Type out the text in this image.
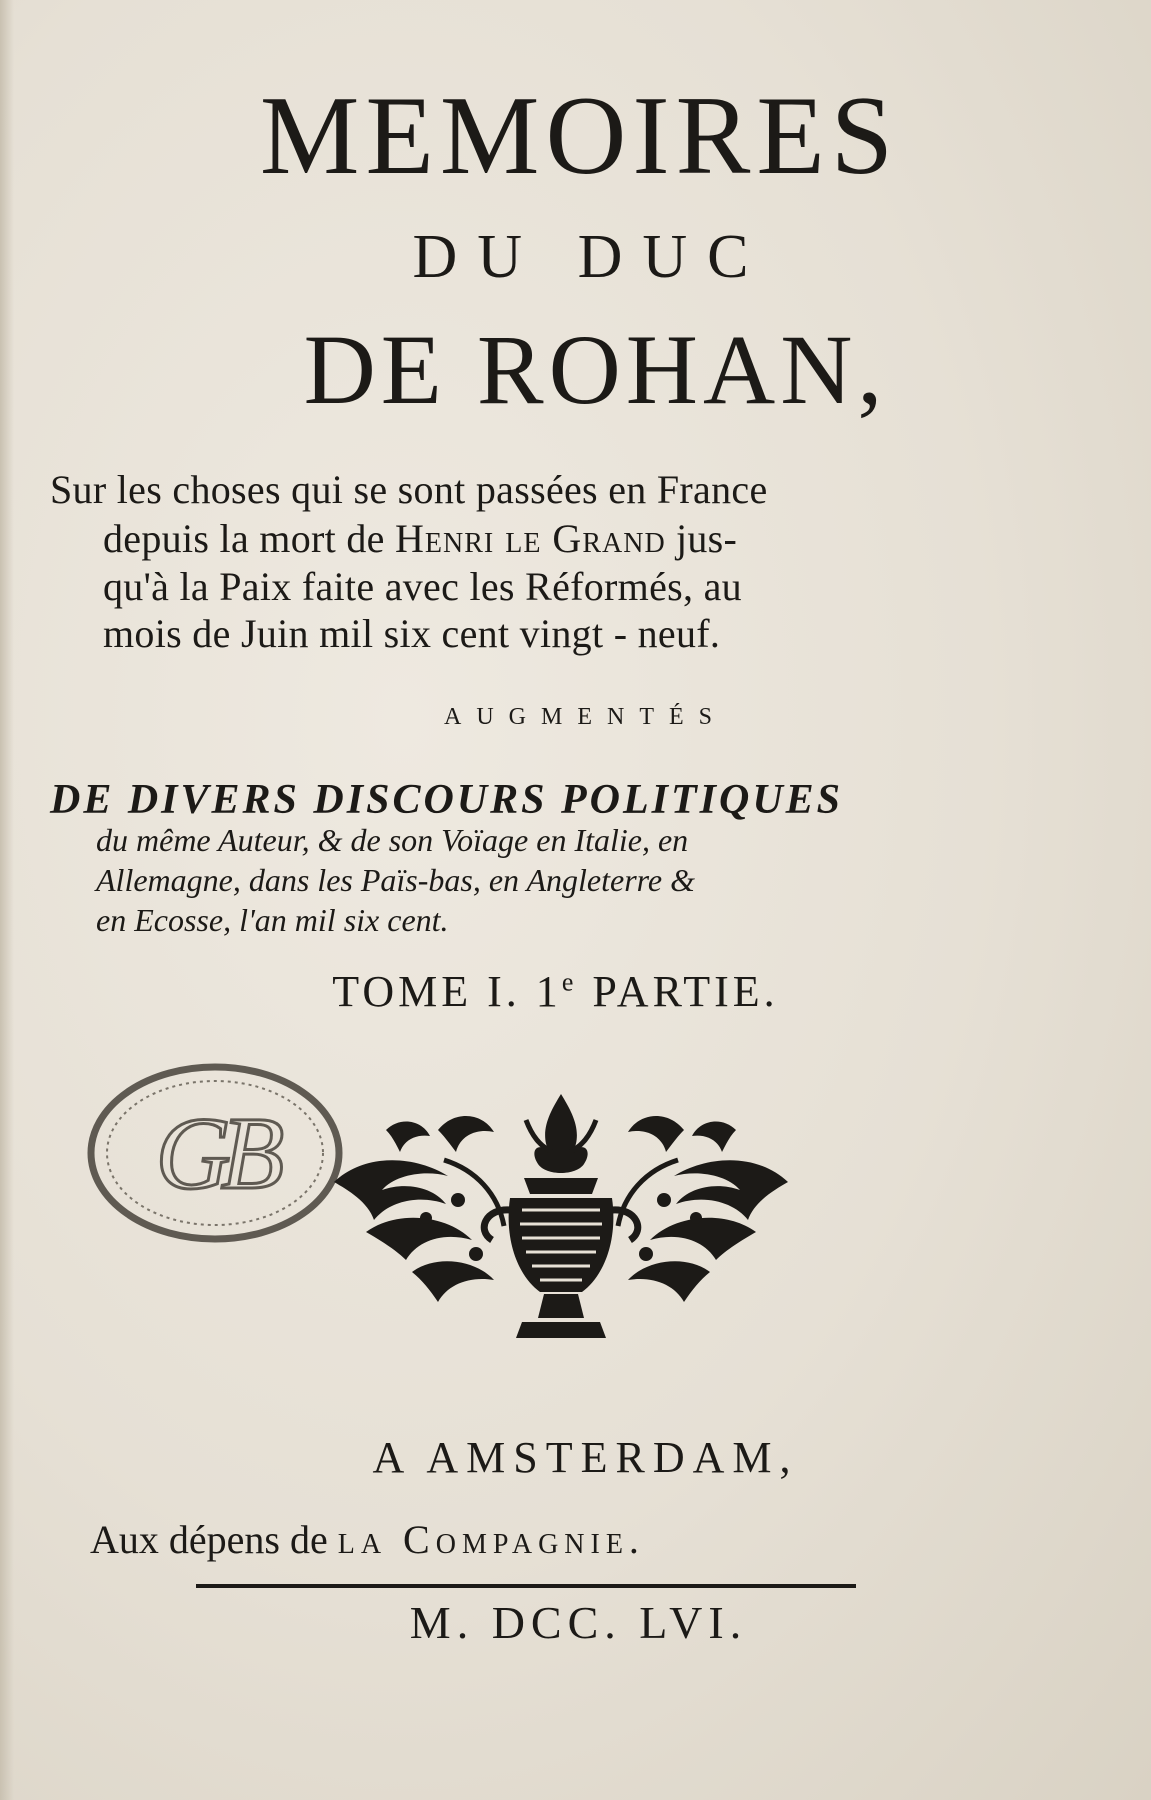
MEMOIRES
DU DUC
DE ROHAN,
Sur les choses qui se sont passées en France
depuis la mort de Henri le Grand jus-
qu'à la Paix faite avec les Réformés, au
mois de Juin mil six cent vingt - neuf.
AUGMENTÉS
DE DIVERS DISCOURS POLITIQUES
du même Auteur, & de son Voïage en Italie, en
Allemagne, dans les Païs-bas, en Angleterre &
en Ecosse, l'an mil six cent.
TOME I. 1e PARTIE.
GB
A AMSTERDAM,
Aux dépens de la Compagnie.
M. DCC. LVI.
